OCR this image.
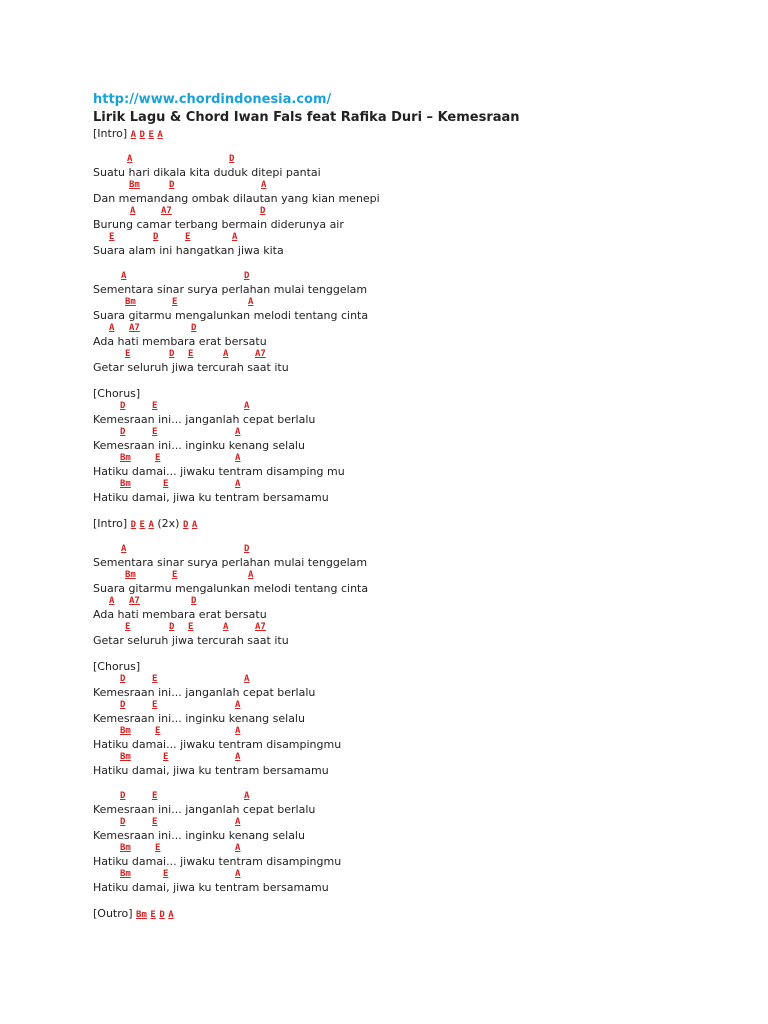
http://www.chordindonesia.com/
Lirik Lagu & Chord Iwan Fals feat Rafika Duri – Kemesraan
[Intro] A D E A
A	D
Suatu hari dikala kita duduk ditepi pantai
Bm	D	A
Dan memandang ombak dilautan yang kian menepi
A	A7	D
Burung camar terbang bermain diderunya air
E	D	E	A
Suara alam ini hangatkan jiwa kita
A	D
Sementara sinar surya perlahan mulai tenggelam
Bm	E	A
Suara gitarmu mengalunkan melodi tentang cinta
A A7	D
Ada hati membara erat bersatu
E	D E	A	A7
Getar seluruh jiwa tercurah saat itu
[Chorus]
D	E	A
Kemesraan ini... janganlah cepat berlalu
D	E	A
Kemesraan ini... inginku kenang selalu
Bm	E	A
Hatiku damai... jiwaku tentram disamping mu
Bm	E	A
Hatiku damai, jiwa ku tentram bersamamu
[Intro] D E A (2x) D A
A	D
Sementara sinar surya perlahan mulai tenggelam
Bm	E	A
Suara gitarmu mengalunkan melodi tentang cinta
A A7	D
Ada hati membara erat bersatu
E	D E	A	A7
Getar seluruh jiwa tercurah saat itu
[Chorus]
D	E	A
Kemesraan ini... janganlah cepat berlalu
D	E	A
Kemesraan ini... inginku kenang selalu
Bm	E	A
Hatiku damai... jiwaku tentram disampingmu
Bm	E	A
Hatiku damai, jiwa ku tentram bersamamu
D	E	A
Kemesraan ini... janganlah cepat berlalu
D	E	A
Kemesraan ini... inginku kenang selalu
Bm	E	A
Hatiku damai... jiwaku tentram disampingmu
Bm	E	A
Hatiku damai, jiwa ku tentram bersamamu
[Outro] Bm E D A
